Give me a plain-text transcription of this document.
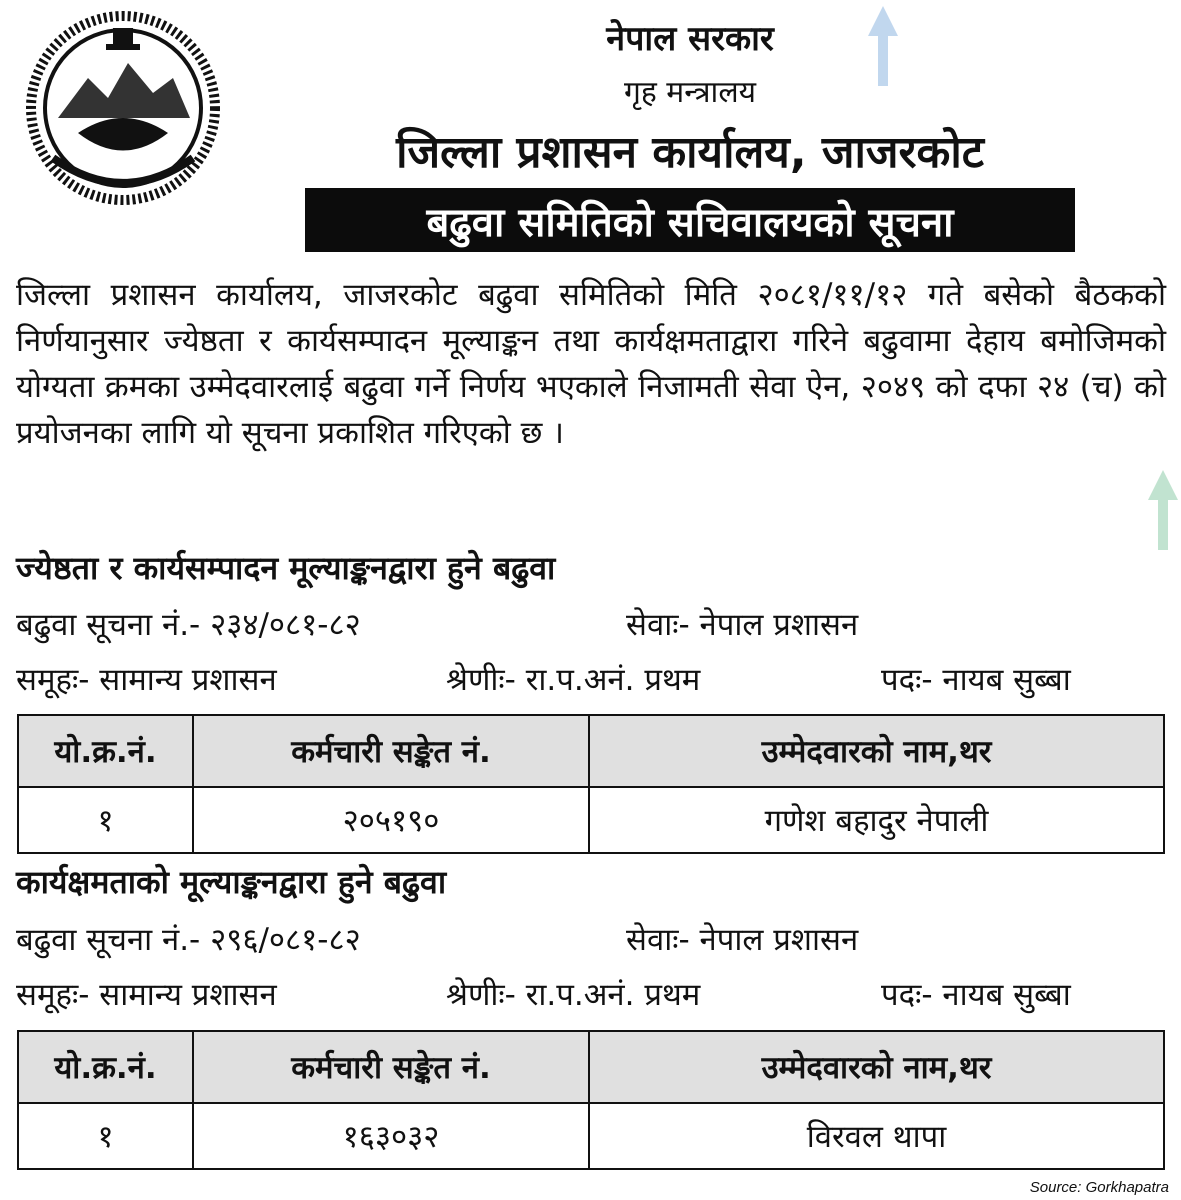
नेपाल सरकार

गृह मन्त्रालय

जिल्ला प्रशासन कार्यालय, जाजरकोट

बढुवा समितिको सचिवालयको सूचना

जिल्ला प्रशासन कार्यालय, जाजरकोट बढुवा समितिको मिति २०८१/११/१२ गते बसेको बैठकको निर्णयानुसार ज्येष्ठता र कार्यसम्पादन मूल्याङ्कन तथा कार्यक्षमताद्वारा गरिने बढुवामा देहाय बमोजिमको योग्यता क्रमका उम्मेदवारलाई बढुवा गर्ने निर्णय भएकाले निजामती सेवा ऐन, २०४९ को दफा २४ (च) को प्रयोजनका लागि यो सूचना प्रकाशित गरिएको छ ।

ज्येष्ठता र कार्यसम्पादन मूल्याङ्कनद्वारा हुने बढुवा

बढुवा सूचना नं.- २३४/०८१-८२	सेवाः- नेपाल प्रशासन

समूहः- सामान्य प्रशासन	श्रेणीः- रा.प.अनं. प्रथम	पदः- नायब सुब्बा

यो.क्र.नं.	कर्मचारी सङ्केत नं.	उम्मेदवारको नाम,थर
१	२०५१९०	गणेश बहादुर नेपाली

कार्यक्षमताको मूल्याङ्कनद्वारा हुने बढुवा

बढुवा सूचना नं.- २९६/०८१-८२	सेवाः- नेपाल प्रशासन

समूहः- सामान्य प्रशासन	श्रेणीः- रा.प.अनं. प्रथम	पदः- नायब सुब्बा

यो.क्र.नं.	कर्मचारी सङ्केत नं.	उम्मेदवारको नाम,थर
१	१६३०३२	विरवल थापा
Source: Gorkhapatra
